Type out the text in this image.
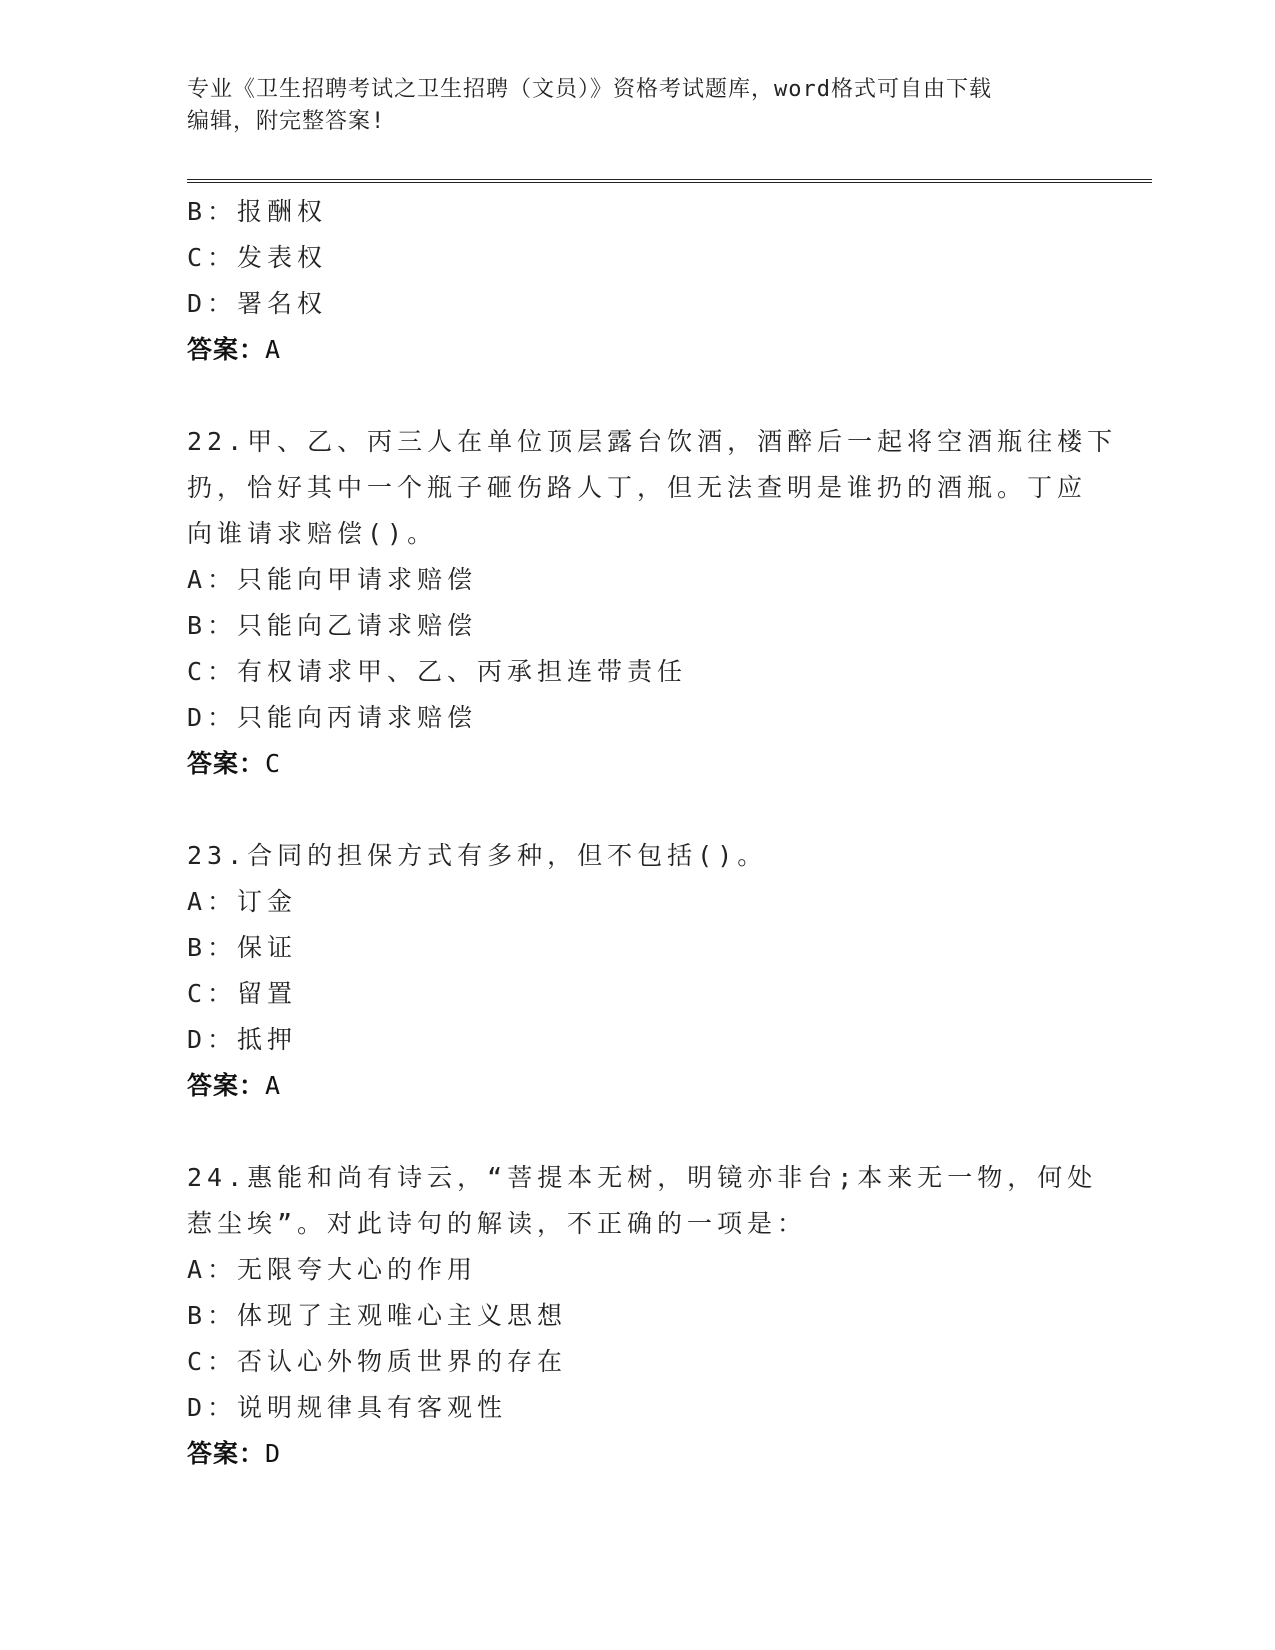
专业《卫生招聘考试之卫生招聘（文员）》资格考试题库，word格式可自由下载
编辑，附完整答案!
B：报酬权
C：发表权
D：署名权
答案：A
22.甲、乙、丙三人在单位顶层露台饮酒，酒醉后一起将空酒瓶往楼下
扔，恰好其中一个瓶子砸伤路人丁，但无法查明是谁扔的酒瓶。丁应
向谁请求赔偿()。
A：只能向甲请求赔偿
B：只能向乙请求赔偿
C：有权请求甲、乙、丙承担连带责任
D：只能向丙请求赔偿
答案：C
23.合同的担保方式有多种，但不包括()。
A：订金
B：保证
C：留置
D：抵押
答案：A
24.惠能和尚有诗云，“菩提本无树，明镜亦非台;本来无一物，何处
惹尘埃”。对此诗句的解读，不正确的一项是：
A：无限夸大心的作用
B：体现了主观唯心主义思想
C：否认心外物质世界的存在
D：说明规律具有客观性
答案：D
